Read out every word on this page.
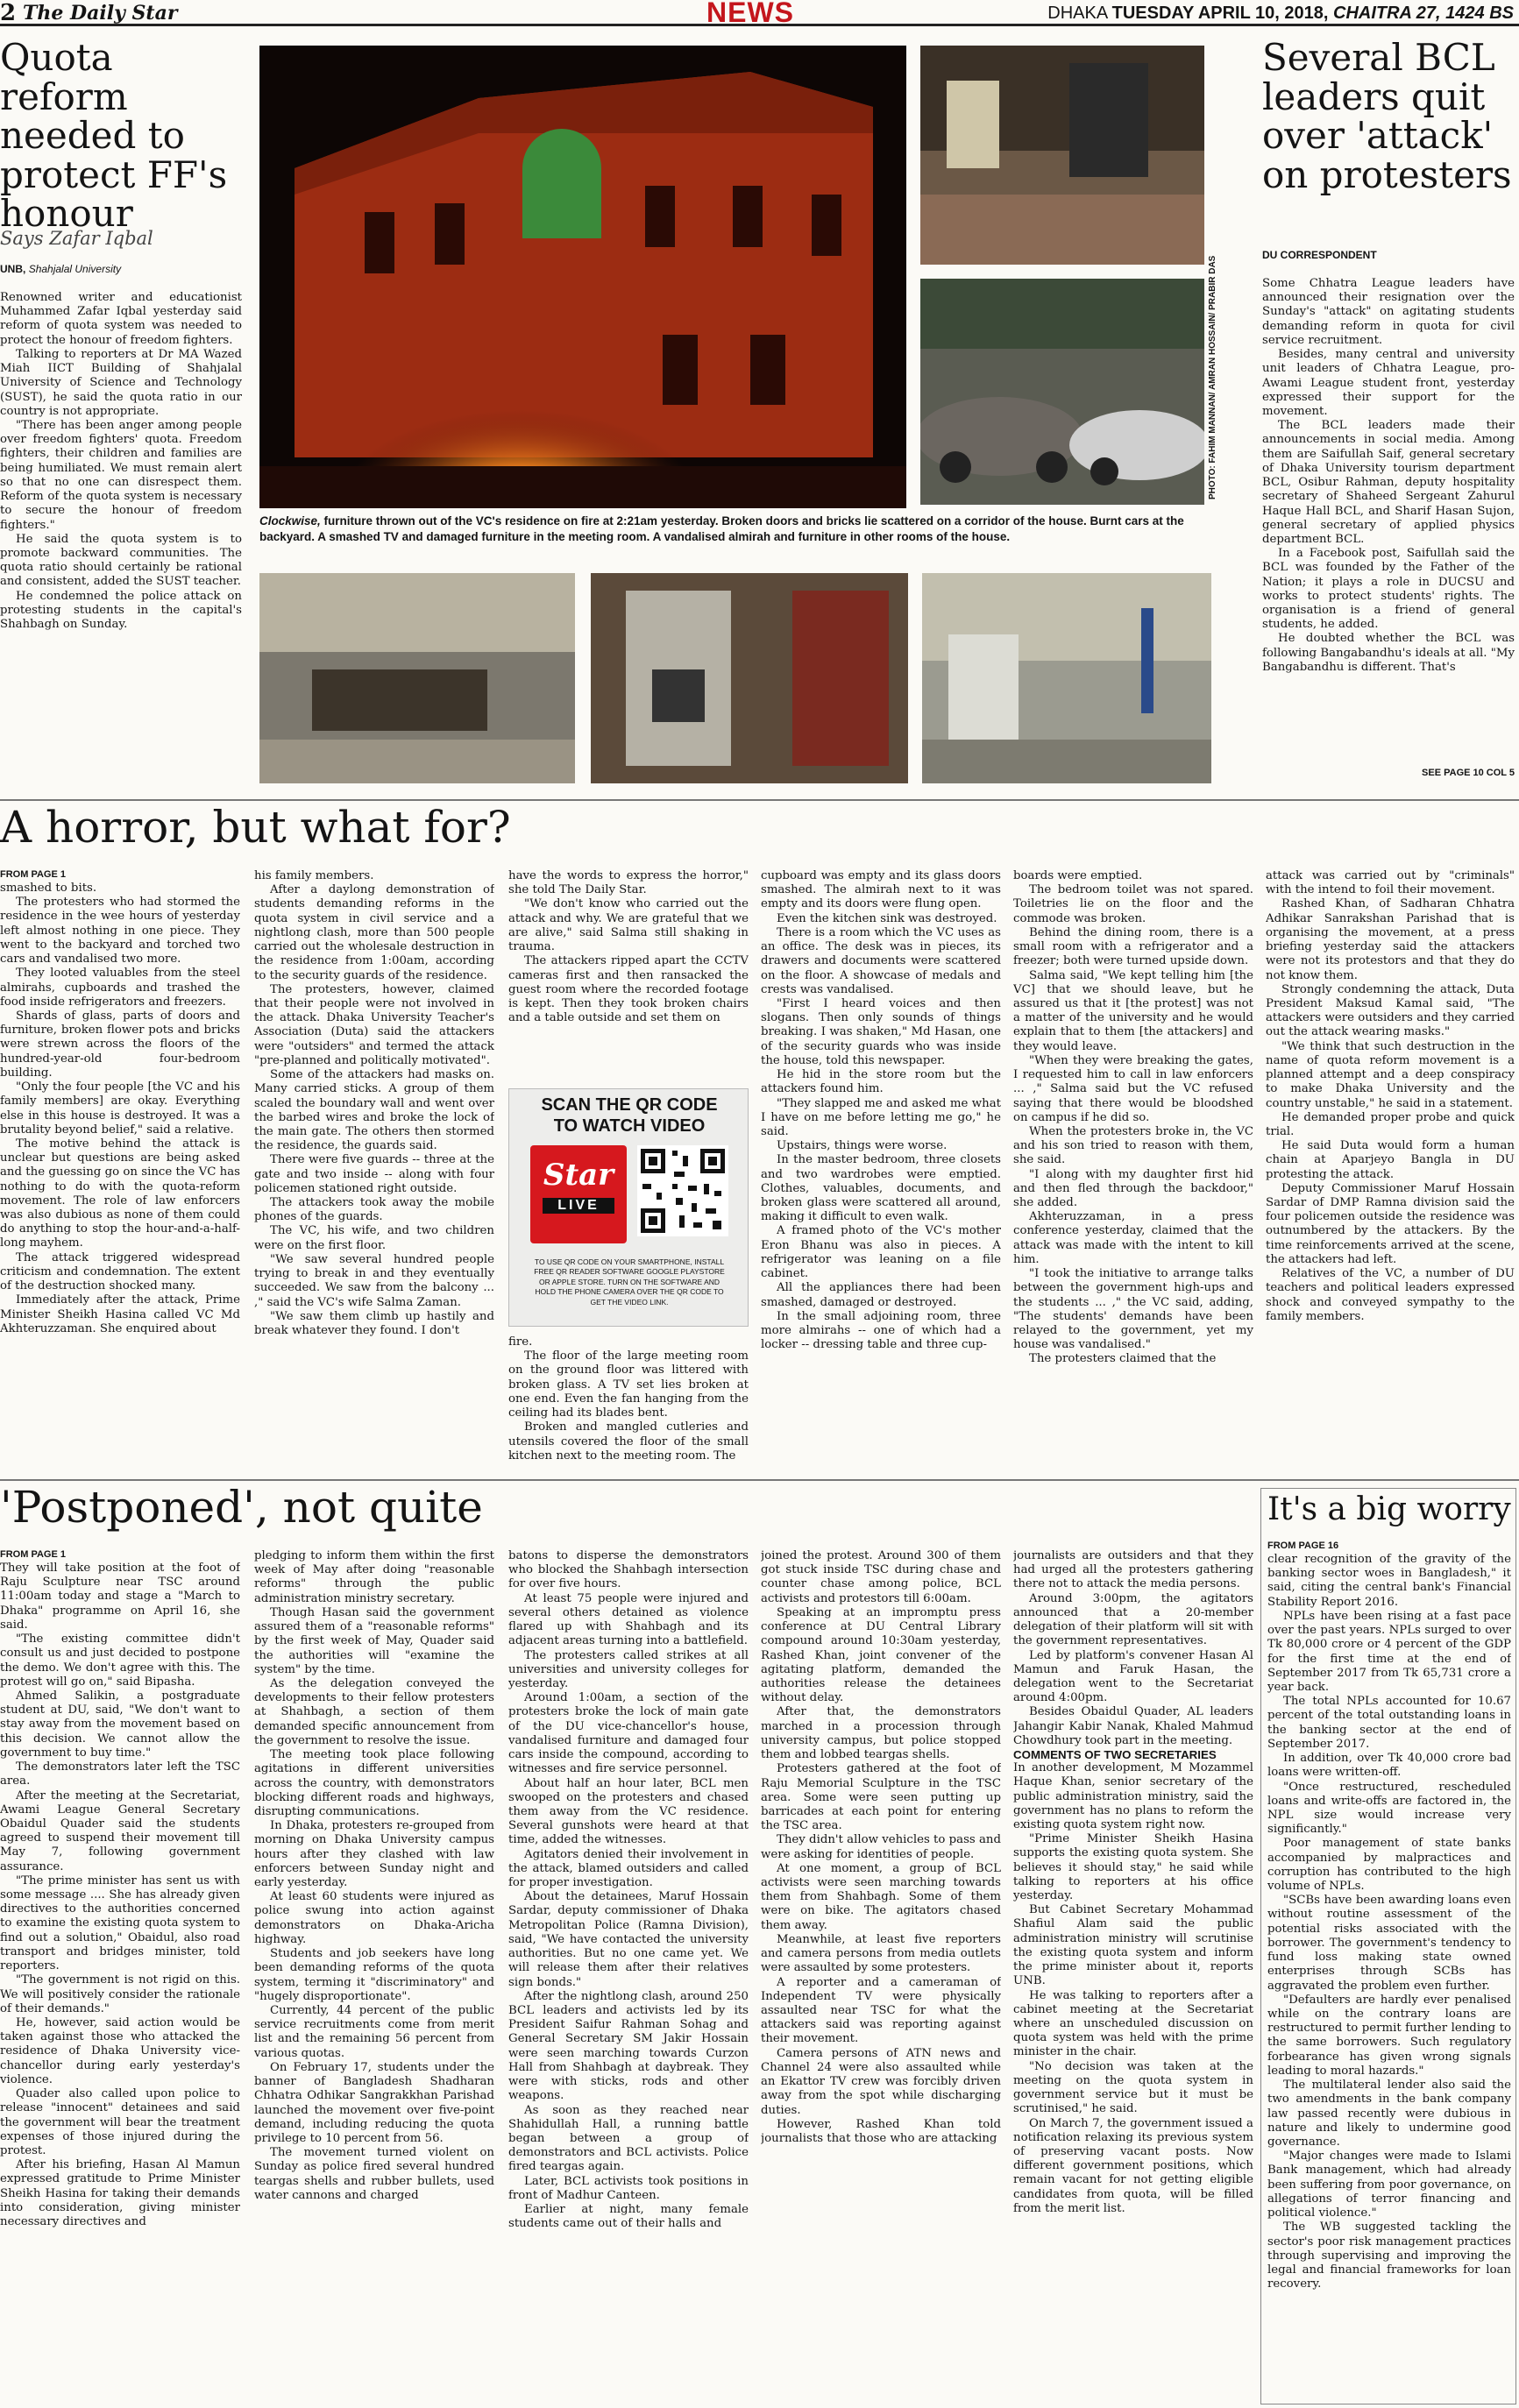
2 The Daily Star	NEWS	DHAKA TUESDAY APRIL 10, 2018, CHAITRA 27, 1424 BS
Quota reform needed to protect FF's honour
Says Zafar Iqbal
UNB, Shahjalal University

Renowned writer and educationist Muhammed Zafar Iqbal yesterday said reform of quota system was needed to protect the honour of freedom fighters.

Talking to reporters at Dr MA Wazed Miah IICT Building of Shahjalal University of Science and Technology (SUST), he said the quota ratio in our country is not appropriate.

"There has been anger among people over freedom fighters' quota. Freedom fighters, their children and families are being humiliated. We must remain alert so that no one can disrespect them. Reform of the quota system is necessary to secure the honour of freedom fighters."

He said the quota system is to promote backward communities. The quota ratio should certainly be rational and consistent, added the SUST teacher.

He condemned the police attack on protesting students in the capital's Shahbagh on Sunday.

PHOTO: FAHIM MANNAN/ AMRAN HOSSAIN/ PRABIR DAS
Clockwise, furniture thrown out of the VC's residence on fire at 2:21am yesterday. Broken doors and bricks lie scattered on a corridor of the house. Burnt cars at the backyard. A smashed TV and damaged furniture in the meeting room. A vandalised almirah and furniture in other rooms of the house.
Several BCL leaders quit over 'attack' on protesters
DU CORRESPONDENT

Some Chhatra League leaders have announced their resignation over the Sunday's "attack" on agitating students demanding reform in quota for civil service recruitment.

Besides, many central and university unit leaders of Chhatra League, pro-Awami League student front, yesterday expressed their support for the movement.

The BCL leaders made their announcements in social media. Among them are Saifullah Saif, general secretary of Dhaka University tourism department BCL, Osibur Rahman, deputy hospitality secretary of Shaheed Sergeant Zahurul Haque Hall BCL, and Sharif Hasan Sujon, general secretary of applied physics department BCL.

In a Facebook post, Saifullah said the BCL was founded by the Father of the Nation; it plays a role in DUCSU and works to protect students' rights. The organisation is a friend of general students, he added.

He doubted whether the BCL was following Bangabandhu's ideals at all. "My Bangabandhu is different. That's

SEE PAGE 10 COL 5
A horror, but what for?
FROM PAGE 1

smashed to bits.

The protesters who had stormed the residence in the wee hours of yesterday left almost nothing in one piece. They went to the backyard and torched two cars and vandalised two more.

They looted valuables from the steel almirahs, cupboards and trashed the food inside refrigerators and freezers.

Shards of glass, parts of doors and furniture, broken flower pots and bricks were strewn across the floors of the hundred-year-old four-bedroom building.

"Only the four people [the VC and his family members] are okay. Everything else in this house is destroyed. It was a brutality beyond belief," said a relative.

The motive behind the attack is unclear but questions are being asked and the guessing go on since the VC has nothing to do with the quota-reform movement. The role of law enforcers was also dubious as none of them could do anything to stop the hour-and-a-half-long mayhem.

The attack triggered widespread criticism and condemnation. The extent of the destruction shocked many.

Immediately after the attack, Prime Minister Sheikh Hasina called VC Md Akhteruzzaman. She enquired about

his family members.

After a daylong demonstration of students demanding reforms in the quota system in civil service and a nightlong clash, more than 500 people carried out the wholesale destruction in the residence from 1:00am, according to the security guards of the residence.

The protesters, however, claimed that their people were not involved in the attack. Dhaka University Teacher's Association (Duta) said the attackers were "outsiders" and termed the attack "pre-planned and politically motivated".

Some of the attackers had masks on. Many carried sticks. A group of them scaled the boundary wall and went over the barbed wires and broke the lock of the main gate. The others then stormed the residence, the guards said.

There were five guards -- three at the gate and two inside -- along with four policemen stationed right outside.

The attackers took away the mobile phones of the guards.

The VC, his wife, and two children were on the first floor.

"We saw several hundred people trying to break in and they eventually succeeded. We saw from the balcony ... ," said the VC's wife Salma Zaman.

"We saw them climb up hastily and break whatever they found. I don't

have the words to express the horror," she told The Daily Star.

"We don't know who carried out the attack and why. We are grateful that we are alive," said Salma still shaking in trauma.

The attackers ripped apart the CCTV cameras first and then ransacked the guest room where the recorded footage is kept. Then they took broken chairs and a table outside and set them on

SCAN THE QR CODE TO WATCH VIDEO
Star
LIVE
TO USE QR CODE ON YOUR SMARTPHONE, INSTALL FREE QR READER SOFTWARE GOOGLE PLAYSTORE OR APPLE STORE. TURN ON THE SOFTWARE AND HOLD THE PHONE CAMERA OVER THE QR CODE TO GET THE VIDEO LINK.

fire.

The floor of the large meeting room on the ground floor was littered with broken glass. A TV set lies broken at one end. Even the fan hanging from the ceiling had its blades bent.

Broken and mangled cutleries and utensils covered the floor of the small kitchen next to the meeting room. The

cupboard was empty and its glass doors smashed. The almirah next to it was empty and its doors were flung open.

Even the kitchen sink was destroyed.

There is a room which the VC uses as an office. The desk was in pieces, its drawers and documents were scattered on the floor. A showcase of medals and crests was vandalised.

"First I heard voices and then slogans. Then only sounds of things breaking. I was shaken," Md Hasan, one of the security guards who was inside the house, told this newspaper.

He hid in the store room but the attackers found him.

"They slapped me and asked me what I have on me before letting me go," he said.

Upstairs, things were worse.

In the master bedroom, three closets and two wardrobes were emptied. Clothes, valuables, documents, and broken glass were scattered all around, making it difficult to even walk.

A framed photo of the VC's mother Eron Bhanu was also in pieces. A refrigerator was leaning on a file cabinet.

All the appliances there had been smashed, damaged or destroyed.

In the small adjoining room, three more almirahs -- one of which had a locker -- dressing table and three cup-

boards were emptied.

The bedroom toilet was not spared. Toiletries lie on the floor and the commode was broken.

Behind the dining room, there is a small room with a refrigerator and a freezer; both were turned upside down.

Salma said, "We kept telling him [the VC] that we should leave, but he assured us that it [the protest] was not a matter of the university and he would explain that to them [the attackers] and they would leave.

"When they were breaking the gates, I requested him to call in law enforcers ... ," Salma said but the VC refused saying that there would be bloodshed on campus if he did so.

When the protesters broke in, the VC and his son tried to reason with them, she said.

"I along with my daughter first hid and then fled through the backdoor," she added.

Akhteruzzaman, in a press conference yesterday, claimed that the attack was made with the intent to kill him.

"I took the initiative to arrange talks between the government high-ups and the students ... ," the VC said, adding, "The students' demands have been relayed to the government, yet my house was vandalised."

The protesters claimed that the

attack was carried out by "criminals" with the intend to foil their movement.

Rashed Khan, of Sadharan Chhatra Adhikar Sanrakshan Parishad that is organising the movement, at a press briefing yesterday said the attackers were not its protestors and that they do not know them.

Strongly condemning the attack, Duta President Maksud Kamal said, "The attackers were outsiders and they carried out the attack wearing masks."

"We think that such destruction in the name of quota reform movement is a planned attempt and a deep conspiracy to make Dhaka University and the country unstable," he said in a statement.

He demanded proper probe and quick trial.

He said Duta would form a human chain at Aparjeyo Bangla in DU protesting the attack.

Deputy Commissioner Maruf Hossain Sardar of DMP Ramna division said the four policemen outside the residence was outnumbered by the attackers. By the time reinforcements arrived at the scene, the attackers had left.

Relatives of the VC, a number of DU teachers and political leaders expressed shock and conveyed sympathy to the family members.

'Postponed', not quite
FROM PAGE 1

They will take position at the foot of Raju Sculpture near TSC around 11:00am today and stage a "March to Dhaka" programme on April 16, she said.

"The existing committee didn't consult us and just decided to postpone the demo. We don't agree with this. The protest will go on," said Bipasha.

Ahmed Salikin, a postgraduate student at DU, said, "We don't want to stay away from the movement based on this decision. We cannot allow the government to buy time."

The demonstrators later left the TSC area.

After the meeting at the Secretariat, Awami League General Secretary Obaidul Quader said the students agreed to suspend their movement till May 7, following government assurance.

"The prime minister has sent us with some message .... She has already given directives to the authorities concerned to examine the existing quota system to find out a solution," Obaidul, also road transport and bridges minister, told reporters.

"The government is not rigid on this. We will positively consider the rationale of their demands."

He, however, said action would be taken against those who attacked the residence of Dhaka University vice-chancellor during early yesterday's violence.

Quader also called upon police to release "innocent" detainees and said the government will bear the treatment expenses of those injured during the protest.

After his briefing, Hasan Al Mamun expressed gratitude to Prime Minister Sheikh Hasina for taking their demands into consideration, giving minister necessary directives and

pledging to inform them within the first week of May after doing "reasonable reforms" through the public administration ministry secretary.

Though Hasan said the government assured them of a "reasonable reforms" by the first week of May, Quader said the authorities will "examine the system" by the time.

As the delegation conveyed the developments to their fellow protesters at Shahbagh, a section of them demanded specific announcement from the government to resolve the issue.

The meeting took place following agitations in different universities across the country, with demonstrators blocking different roads and highways, disrupting communications.

In Dhaka, protesters re-grouped from morning on Dhaka University campus hours after they clashed with law enforcers between Sunday night and early yesterday.

At least 60 students were injured as police swung into action against demonstrators on Dhaka-Aricha highway.

Students and job seekers have long been demanding reforms of the quota system, terming it "discriminatory" and "hugely disproportionate".

Currently, 44 percent of the public service recruitments come from merit list and the remaining 56 percent from various quotas.

On February 17, students under the banner of Bangladesh Shadharan Chhatra Odhikar Sangrakkhan Parishad launched the movement over five-point demand, including reducing the quota privilege to 10 percent from 56.

The movement turned violent on Sunday as police fired several hundred teargas shells and rubber bullets, used water cannons and charged

batons to disperse the demonstrators who blocked the Shahbagh intersection for over five hours.

At least 75 people were injured and several others detained as violence flared up with Shahbagh and its adjacent areas turning into a battlefield.

The protesters called strikes at all universities and university colleges for yesterday.

Around 1:00am, a section of the protesters broke the lock of main gate of the DU vice-chancellor's house, vandalised furniture and damaged four cars inside the compound, according to witnesses and fire service personnel.

About half an hour later, BCL men swooped on the protesters and chased them away from the VC residence. Several gunshots were heard at that time, added the witnesses.

Agitators denied their involvement in the attack, blamed outsiders and called for proper investigation.

About the detainees, Maruf Hossain Sardar, deputy commissioner of Dhaka Metropolitan Police (Ramna Division), said, "We have contacted the university authorities. But no one came yet. We will release them after their relatives sign bonds."

After the nightlong clash, around 250 BCL leaders and activists led by its President Saifur Rahman Sohag and General Secretary SM Jakir Hossain were seen marching towards Curzon Hall from Shahbagh at daybreak. They were with sticks, rods and other weapons.

As soon as they reached near Shahidullah Hall, a running battle began between a group of demonstrators and BCL activists. Police fired teargas again.

Later, BCL activists took positions in front of Madhur Canteen.

Earlier at night, many female students came out of their halls and

joined the protest. Around 300 of them got stuck inside TSC during chase and counter chase among police, BCL activists and protestors till 6:00am.

Speaking at an impromptu press conference at DU Central Library compound around 10:30am yesterday, Rashed Khan, joint convener of the agitating platform, demanded the authorities release the detainees without delay.

After that, the demonstrators marched in a procession through university campus, but police stopped them and lobbed teargas shells.

Protesters gathered at the foot of Raju Memorial Sculpture in the TSC area. Some were seen putting up barricades at each point for entering the TSC area.

They didn't allow vehicles to pass and were asking for identities of people.

At one moment, a group of BCL activists were seen marching towards them from Shahbagh. Some of them were on bike. The agitators chased them away.

Meanwhile, at least five reporters and camera persons from media outlets were assaulted by some protesters.

A reporter and a cameraman of Independent TV were physically assaulted near TSC for what the attackers said was reporting against their movement.

Camera persons of ATN news and Channel 24 were also assaulted while an Ekattor TV crew was forcibly driven away from the spot while discharging duties.

However, Rashed Khan told journalists that those who are attacking

journalists are outsiders and that they had urged all the protesters gathering there not to attack the media persons.

Around 3:00pm, the agitators announced that a 20-member delegation of their platform will sit with the government representatives.

Led by platform's convener Hasan Al Mamun and Faruk Hasan, the delegation went to the Secretariat around 4:00pm.

Besides Obaidul Quader, AL leaders Jahangir Kabir Nanak, Khaled Mahmud Chowdhury took part in the meeting.

COMMENTS OF TWO SECRETARIES

In another development, M Mozammel Haque Khan, senior secretary of the public administration ministry, said the government has no plans to reform the existing quota system right now.

"Prime Minister Sheikh Hasina supports the existing quota system. She believes it should stay," he said while talking to reporters at his office yesterday.

But Cabinet Secretary Mohammad Shafiul Alam said the public administration ministry will scrutinise the existing quota system and inform the prime minister about it, reports UNB.

He was talking to reporters after a cabinet meeting at the Secretariat where an unscheduled discussion on quota system was held with the prime minister in the chair.

"No decision was taken at the meeting on the quota system in government service but it must be scrutinised," he said.

On March 7, the government issued a notification relaxing its previous system of preserving vacant posts. Now different government positions, which remain vacant for not getting eligible candidates from quota, will be filled from the merit list.

It's a big worry
FROM PAGE 16

clear recognition of the gravity of the banking sector woes in Bangladesh," it said, citing the central bank's Financial Stability Report 2016.

NPLs have been rising at a fast pace over the past years. NPLs surged to over Tk 80,000 crore or 4 percent of the GDP for the first time at the end of September 2017 from Tk 65,731 crore a year back.

The total NPLs accounted for 10.67 percent of the total outstanding loans in the banking sector at the end of September 2017.

In addition, over Tk 40,000 crore bad loans were written-off.

"Once restructured, rescheduled loans and write-offs are factored in, the NPL size would increase very significantly."

Poor management of state banks accompanied by malpractices and corruption has contributed to the high volume of NPLs.

"SCBs have been awarding loans even without routine assessment of the potential risks associated with the borrower. The government's tendency to fund loss making state owned enterprises through SCBs has aggravated the problem even further.

"Defaulters are hardly ever penalised while on the contrary loans are restructured to permit further lending to the same borrowers. Such regulatory forbearance has given wrong signals leading to moral hazards."

The multilateral lender also said the two amendments in the bank company law passed recently were dubious in nature and likely to undermine good governance.

"Major changes were made to Islami Bank management, which had already been suffering from poor governance, on allegations of terror financing and political violence."

The WB suggested tackling the sector's poor risk management practices through supervising and improving the legal and financial frameworks for loan recovery.
